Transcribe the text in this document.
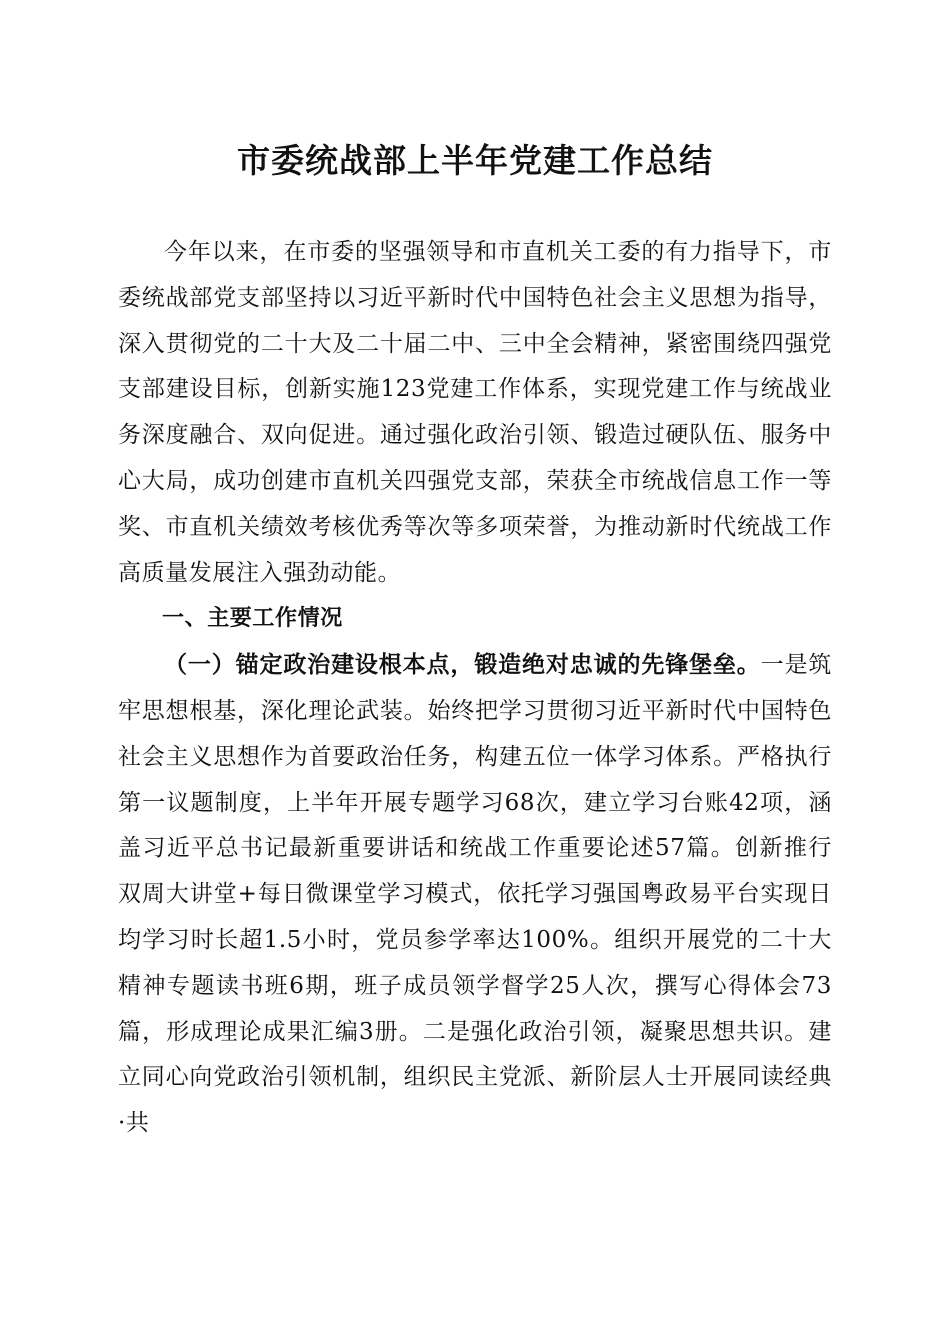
市委统战部上半年党建工作总结

今年以来，在市委的坚强领导和市直机关工委的有力指导下，市委统战部党支部坚持以习近平新时代中国特色社会主义思想为指导，深入贯彻党的二十大及二十届二中、三中全会精神，紧密围绕四强党支部建设目标，创新实施123党建工作体系，实现党建工作与统战业务深度融合、双向促进。通过强化政治引领、锻造过硬队伍、服务中心大局，成功创建市直机关四强党支部，荣获全市统战信息工作一等奖、市直机关绩效考核优秀等次等多项荣誉，为推动新时代统战工作高质量发展注入强劲动能。

一、主要工作情况

（一）锚定政治建设根本点，锻造绝对忠诚的先锋堡垒。一是筑牢思想根基，深化理论武装。始终把学习贯彻习近平新时代中国特色社会主义思想作为首要政治任务，构建五位一体学习体系。严格执行第一议题制度，上半年开展专题学习68次，建立学习台账42项，涵盖习近平总书记最新重要讲话和统战工作重要论述57篇。创新推行双周大讲堂+每日微课堂学习模式，依托学习强国粤政易平台实现日均学习时长超1.5小时，党员参学率达100%。组织开展党的二十大精神专题读书班6期，班子成员领学督学25人次，撰写心得体会73篇，形成理论成果汇编3册。二是强化政治引领，凝聚思想共识。建立同心向党政治引领机制，组织民主党派、新阶层人士开展同读经典·共
